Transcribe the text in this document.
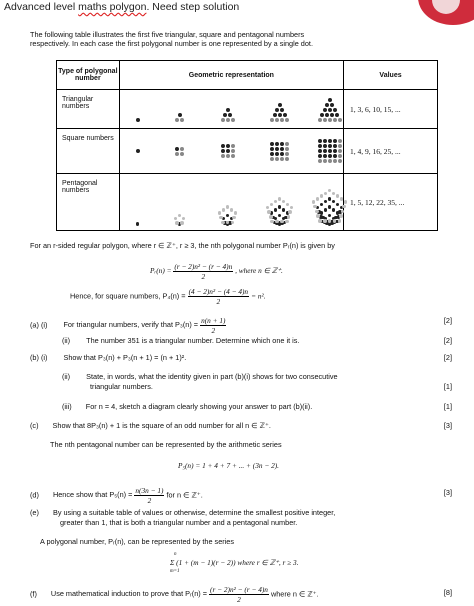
Advanced level maths polygon. Need step solution
The following table illustrates the first five triangular, square and pentagonal numbers
respectively. In each case the first polygonal number is one represented by a single dot.
Type of polygonal number	Geometric representation	Values
Triangular numbers		1, 3, 6, 10, 15, ...
Square numbers		1, 4, 9, 16, 25, ...
Pentagonal numbers		1, 5, 12, 22, 35, ...
For an r-sided regular polygon, where r ∈ ℤ⁺, r ≥ 3, the nth polygonal number Pᵣ(n) is given by
Pᵣ(n) = $\frac{\text{(r − 2)n² − (r − 4)n}}{2}$ , where n ∈ ℤ⁺.
Hence, for square numbers, $P_4(n) = \frac{\text{(4 − 2)n² − (4 − 4)n}}{2} = n^2$.
(a) (i) For triangular numbers, verify that $P_3(n) = \frac{n(n + 1)}{2}$	[2]
(ii) The number 351 is a triangular number. Determine which one it is.	[2]
(b) (i) Show that P₃(n) + P₃(n + 1) = (n + 1)².	[2]
(ii) State, in words, what the identity given in part (b)(i) shows for two consecutive
triangular numbers.	[1]
(iii) For n = 4, sketch a diagram clearly showing your answer to part (b)(ii).	[1]
(c) Show that 8P₃(n) + 1 is the square of an odd number for all n ∈ ℤ⁺.	[3]
The nth pentagonal number can be represented by the arithmetic series
P₅(n) = 1 + 4 + 7 + ... + (3n − 2).
(d) Hence show that $P_5(n) = \frac{n(3n - 1)}{2}$ for n ∈ ℤ⁺.	[3]
(e) By using a suitable table of values or otherwise, determine the smallest positive integer,
greater than 1, that is both a triangular number and a pentagonal number.
A polygonal number, Pᵣ(n), can be represented by the series
n
Σ (1 + (m − 1)(r − 2)) where r ∈ ℤ⁺, r ≥ 3.
m=1
(f) Use mathematical induction to prove that Pᵣ(n) = $\frac{\text{(r − 2)n² − (r − 4)n}}{2}$ where n ∈ ℤ⁺.	[8]
